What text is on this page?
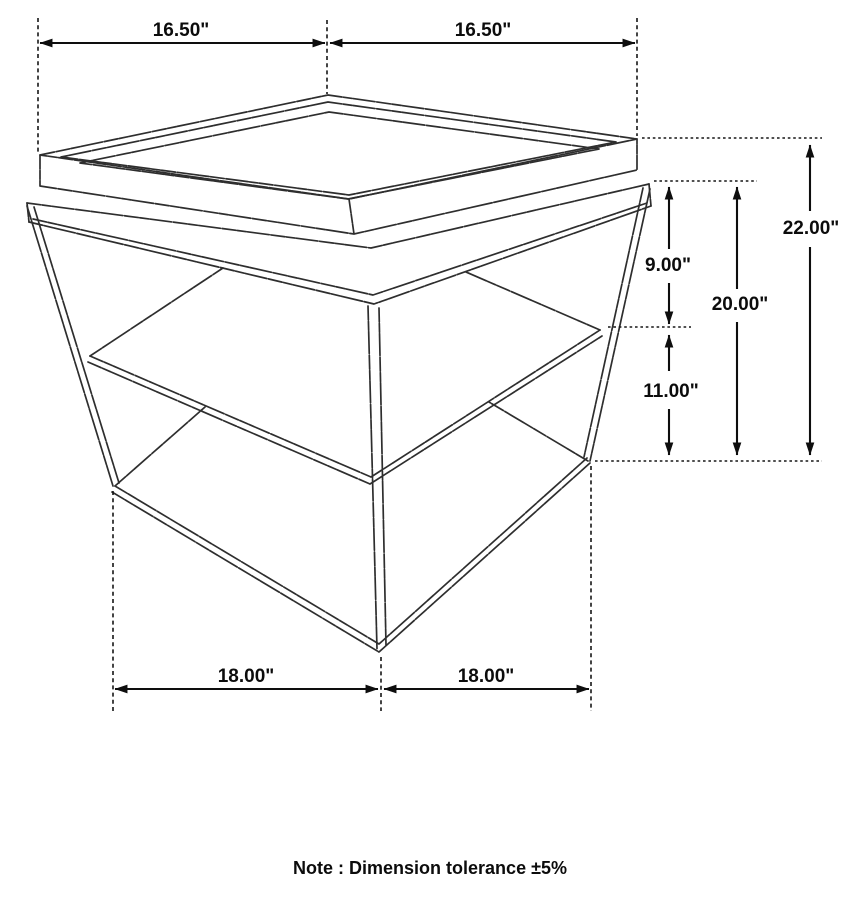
16.50"	16.50"
18.00"	18.00"
9.00"
11.00"
20.00"
22.00"
Note : Dimension tolerance ±5%
